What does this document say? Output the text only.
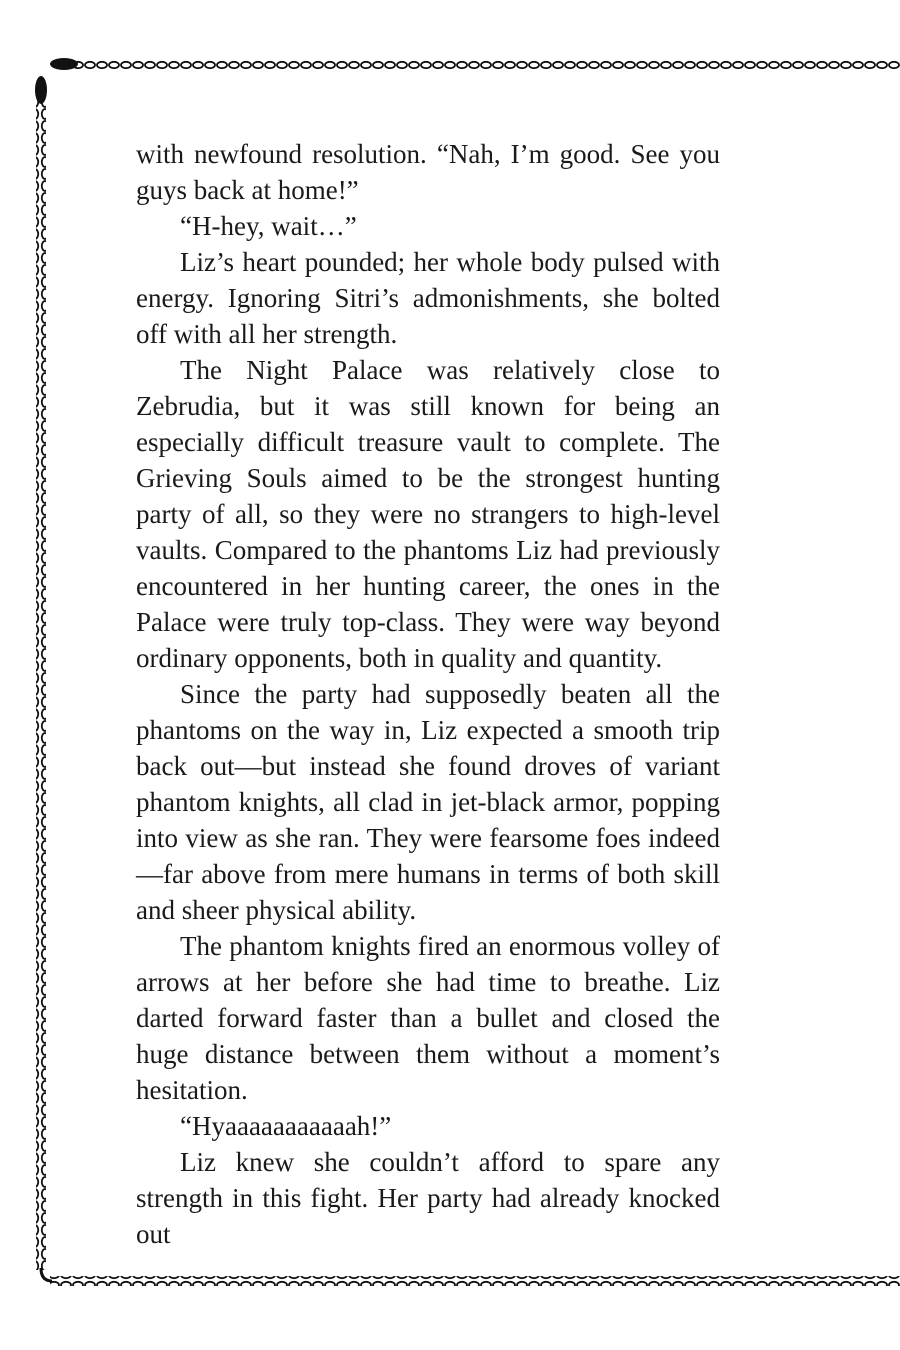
with newfound resolution. “Nah, I’m good. See you guys back at home!”

“H-hey, wait…”

Liz’s heart pounded; her whole body pulsed with energy. Ignoring Sitri’s admonishments, she bolted off with all her strength.

The Night Palace was relatively close to Zebrudia, but it was still known for being an especially difficult treasure vault to complete. The Grieving Souls aimed to be the strongest hunting party of all, so they were no strangers to high-level vaults. Compared to the phantoms Liz had previously encountered in her hunting career, the ones in the Palace were truly top-class. They were way beyond ordinary opponents, both in quality and quantity.

Since the party had supposedly beaten all the phantoms on the way in, Liz expected a smooth trip back out—but instead she found droves of variant phantom knights, all clad in jet-black armor, popping into view as she ran. They were fearsome foes indeed—far above from mere humans in terms of both skill and sheer physical ability.

The phantom knights fired an enormous volley of arrows at her before she had time to breathe. Liz darted forward faster than a bullet and closed the huge distance between them without a moment’s hesitation.

“Hyaaaaaaaaaaah!”

Liz knew she couldn’t afford to spare any strength in this fight. Her party had already knocked out
